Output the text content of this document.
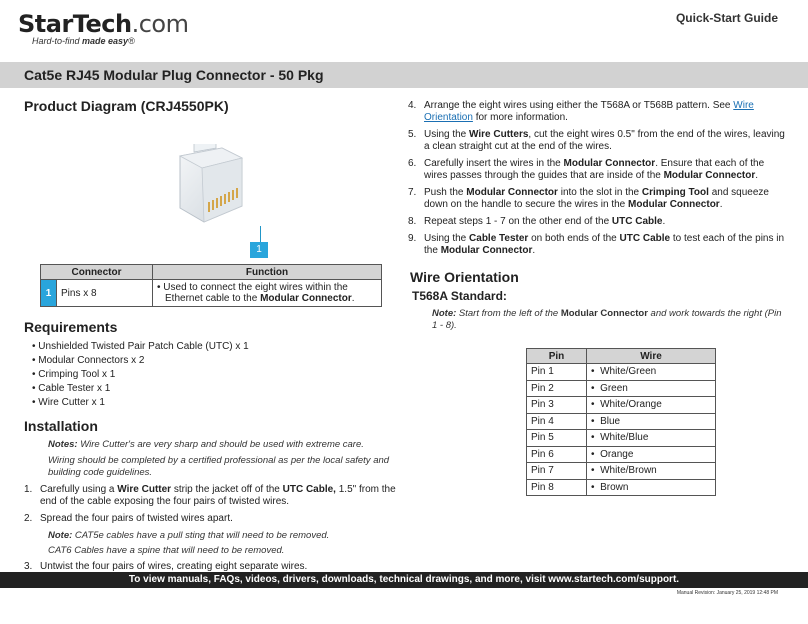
StarTech.com
Hard-to-find made easy®
Quick-Start Guide
Cat5e RJ45 Modular Plug Connector - 50 Pkg
Product Diagram (CRJ4550PK)
1
Connector		Function
1	Pins x 8	• Used to connect the eight wires within the Ethernet cable to the Modular Connector.
Requirements
• Unshielded Twisted Pair Patch Cable (UTC) x 1
• Modular Connectors x 2
• Crimping Tool x 1
• Cable Tester x 1
• Wire Cutter x 1
Installation
Notes: Wire Cutter's are very sharp and should be used with extreme care.
Wiring should be completed by a certified professional as per the local safety and building code guidelines.
1. Carefully using a Wire Cutter strip the jacket off of the UTC Cable, 1.5" from the end of the cable exposing the four pairs of twisted wires.
2. Spread the four pairs of twisted wires apart.
Note: CAT5e cables have a pull sting that will need to be removed.
CAT6 Cables have a spine that will need to be removed.
3. Untwist the four pairs of wires, creating eight separate wires.
4. Arrange the eight wires using either the T568A or T568B pattern. See Wire Orientation for more information.
5. Using the Wire Cutters, cut the eight wires 0.5" from the end of the wires, leaving a clean straight cut at the end of the wires.
6. Carefully insert the wires in the Modular Connector. Ensure that each of the wires passes through the guides that are inside of the Modular Connector.
7. Push the Modular Connector into the slot in the Crimping Tool and squeeze down on the handle to secure the wires in the Modular Connector.
8. Repeat steps 1 - 7 on the other end of the UTC Cable.
9. Using the Cable Tester on both ends of the UTC Cable to test each of the pins in the Modular Connector.
Wire Orientation
T568A Standard:
Note: Start from the left of the Modular Connector and work towards the right (Pin 1 - 8).
Pin	Wire
Pin 1	•  White/Green
Pin 2	•  Green
Pin 3	•  White/Orange
Pin 4	•  Blue
Pin 5	•  White/Blue
Pin 6	•  Orange
Pin 7	•  White/Brown
Pin 8	•  Brown
To view manuals, FAQs, videos, drivers, downloads, technical drawings, and more, visit www.startech.com/support.
Manual Revision: January 25, 2019 12:48 PM
